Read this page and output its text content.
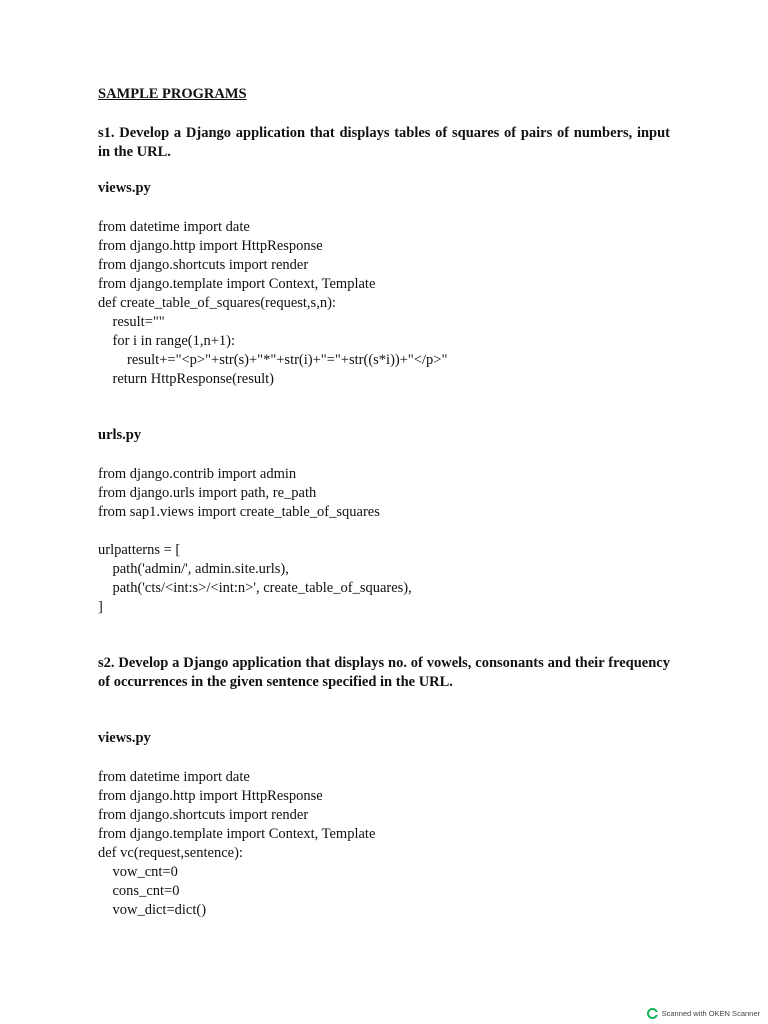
SAMPLE PROGRAMS

s1. Develop a Django application that displays tables of squares of pairs of numbers, input in the URL.

views.py
from datetime import date
from django.http import HttpResponse
from django.shortcuts import render
from django.template import Context, Template
def create_table_of_squares(request,s,n):
result=""
for i in range(1,n+1):
result+="<p>"+str(s)+"*"+str(i)+"="+str((s*i))+"</p>"
return HttpResponse(result)
urls.py
from django.contrib import admin
from django.urls import path, re_path
from sap1.views import create_table_of_squares
urlpatterns = [
path('admin/', admin.site.urls),
path('cts/<int:s>/<int:n>', create_table_of_squares),
]

s2. Develop a Django application that displays no. of vowels, consonants and their frequency of occurrences in the given sentence specified in the URL.

views.py
from datetime import date
from django.http import HttpResponse
from django.shortcuts import render
from django.template import Context, Template
def vc(request,sentence):
vow_cnt=0
cons_cnt=0
vow_dict=dict()
Scanned with OKEN Scanner
